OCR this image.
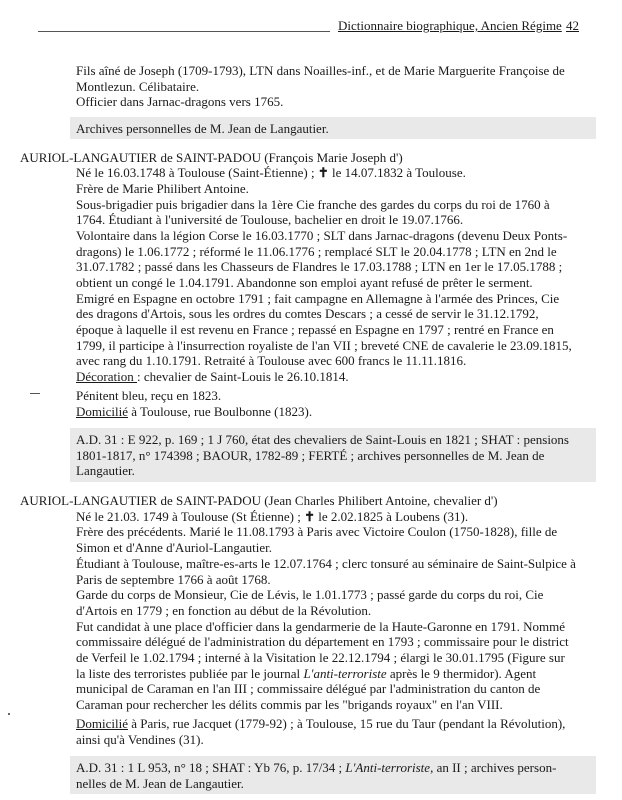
Dictionnaire biographique, Ancien Régime 42
Fils aîné de Joseph (1709-1793), LTN dans Noailles-inf., et de Marie Marguerite Françoise de
Montlezun. Célibataire.
Officier dans Jarnac-dragons vers 1765.
Archives personnelles de M. Jean de Langautier.
AURIOL-LANGAUTIER de SAINT-PADOU (François Marie Joseph d')
Né le 16.03.1748 à Toulouse (Saint-Étienne) ; ✝ le 14.07.1832 à Toulouse.
Frère de Marie Philibert Antoine.
Sous-brigadier puis brigadier dans la 1ère Cie franche des gardes du corps du roi de 1760 à
1764. Étudiant à l'université de Toulouse, bachelier en droit le 19.07.1766.
Volontaire dans la légion Corse le 16.03.1770 ; SLT dans Jarnac-dragons (devenu Deux Ponts-
dragons) le 1.06.1772 ; réformé le 11.06.1776 ; remplacé SLT le 20.04.1778 ; LTN en 2nd le
31.07.1782 ; passé dans les Chasseurs de Flandres le 17.03.1788 ; LTN en 1er le 17.05.1788 ;
obtient un congé le 1.04.1791. Abandonne son emploi ayant refusé de prêter le serment.
Emigré en Espagne en octobre 1791 ; fait campagne en Allemagne à l'armée des Princes, Cie
des dragons d'Artois, sous les ordres du comtes Descars ; a cessé de servir le 31.12.1792,
époque à laquelle il est revenu en France ; repassé en Espagne en 1797 ; rentré en France en
1799, il participe à l'insurrection royaliste de l'an VII ; breveté CNE de cavalerie le 23.09.1815,
avec rang du 1.10.1791. Retraité à Toulouse avec 600 francs le 11.11.1816.
Décoration : chevalier de Saint-Louis le 26.10.1814.
Pénitent bleu, reçu en 1823.
Domicilié à Toulouse, rue Boulbonne (1823).
A.D. 31 : E 922, p. 169 ; 1 J 760, état des chevaliers de Saint-Louis en 1821 ; SHAT : pensions
1801-1817, n° 174398 ; BAOUR, 1782-89 ; FERTÉ ; archives personnelles de M. Jean de
Langautier.
AURIOL-LANGAUTIER de SAINT-PADOU (Jean Charles Philibert Antoine, chevalier d')
Né le 21.03. 1749 à Toulouse (St Étienne) ; ✝ le 2.02.1825 à Loubens (31).
Frère des précédents. Marié le 11.08.1793 à Paris avec Victoire Coulon (1750-1828), fille de
Simon et d'Anne d'Auriol-Langautier.
Étudiant à Toulouse, maître-es-arts le 12.07.1764 ; clerc tonsuré au séminaire de Saint-Sulpice à
Paris de septembre 1766 à août 1768.
Garde du corps de Monsieur, Cie de Lévis, le 1.01.1773 ; passé garde du corps du roi, Cie
d'Artois en 1779 ; en fonction au début de la Révolution.
Fut candidat à une place d'officier dans la gendarmerie de la Haute-Garonne en 1791. Nommé
commissaire délégué de l'administration du département en 1793 ; commissaire pour le district
de Verfeil le 1.02.1794 ; interné à la Visitation le 22.12.1794 ; élargi le 30.01.1795 (Figure sur
la liste des terroristes publiée par le journal L'anti-terroriste après le 9 thermidor). Agent
municipal de Caraman en l'an III ; commissaire délégué par l'administration du canton de
Caraman pour rechercher les délits commis par les "brigands royaux" en l'an VIII.
Domicilié à Paris, rue Jacquet (1779-92) ; à Toulouse, 15 rue du Taur (pendant la Révolution),
ainsi qu'à Vendines (31).
A.D. 31 : 1 L 953, n° 18 ; SHAT : Yb 76, p. 17/34 ; L'Anti-terroriste, an II ; archives person-
nelles de M. Jean de Langautier.
